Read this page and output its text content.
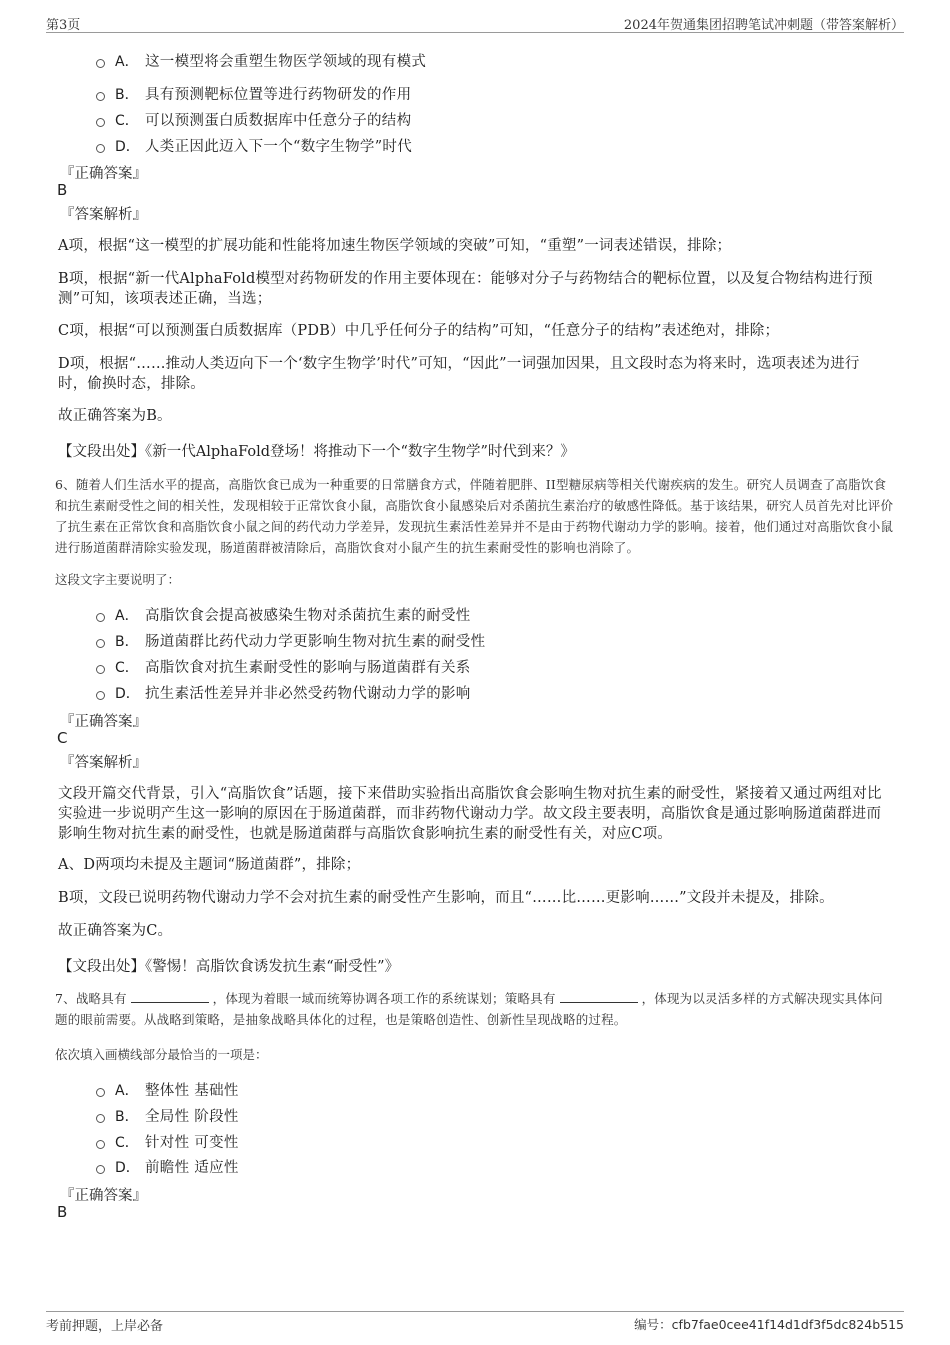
第3页	2024年贺通集团招聘笔试冲刺题（带答案解析）
A． 这一模型将会重塑生物医学领域的现有模式
B． 具有预测靶标位置等进行药物研发的作用
C． 可以预测蛋白质数据库中任意分子的结构
D． 人类正因此迈入下一个“数字生物学”时代
『正确答案』
B
『答案解析』
A项，根据“这一模型的扩展功能和性能将加速生物医学领域的突破”可知，“重塑”一词表述错误，排除；
B项，根据“新一代AlphaFold模型对药物研发的作用主要体现在：能够对分子与药物结合的靶标位置，以及复合物结构进行预测”可知，该项表述正确，当选；
C项，根据“可以预测蛋白质数据库（PDB）中几乎任何分子的结构”可知，“任意分子的结构”表述绝对，排除；
D项，根据“……推动人类迈向下一个‘数字生物学’时代”可知，“因此”一词强加因果，且文段时态为将来时，选项表述为进行时，偷换时态，排除。
故正确答案为B。
【文段出处】《新一代AlphaFold登场！将推动下一个“数字生物学”时代到来？》
6、随着人们生活水平的提高，高脂饮食已成为一种重要的日常膳食方式，伴随着肥胖、II型糖尿病等相关代谢疾病的发生。研究人员调查了高脂饮食和抗生素耐受性之间的相关性，发现相较于正常饮食小鼠，高脂饮食小鼠感染后对杀菌抗生素治疗的敏感性降低。基于该结果，研究人员首先对比评价了抗生素在正常饮食和高脂饮食小鼠之间的药代动力学差异，发现抗生素活性差异并不是由于药物代谢动力学的影响。接着，他们通过对高脂饮食小鼠进行肠道菌群清除实验发现，肠道菌群被清除后，高脂饮食对小鼠产生的抗生素耐受性的影响也消除了。
这段文字主要说明了：
A． 高脂饮食会提高被感染生物对杀菌抗生素的耐受性
B． 肠道菌群比药代动力学更影响生物对抗生素的耐受性
C． 高脂饮食对抗生素耐受性的影响与肠道菌群有关系
D． 抗生素活性差异并非必然受药物代谢动力学的影响
『正确答案』
C
『答案解析』
文段开篇交代背景，引入“高脂饮食”话题，接下来借助实验指出高脂饮食会影响生物对抗生素的耐受性，紧接着又通过两组对比实验进一步说明产生这一影响的原因在于肠道菌群，而非药物代谢动力学。故文段主要表明，高脂饮食是通过影响肠道菌群进而影响生物对抗生素的耐受性，也就是肠道菌群与高脂饮食影响抗生素的耐受性有关，对应C项。
A、D两项均未提及主题词“肠道菌群”，排除；
B项，文段已说明药物代谢动力学不会对抗生素的耐受性产生影响，而且“……比……更影响……”文段并未提及，排除。
故正确答案为C。
【文段出处】《警惕！高脂饮食诱发抗生素“耐受性”》
7、战略具有	，体现为着眼一域而统筹协调各项工作的系统谋划；策略具有	，体现为以灵活多样的方式解决现实具体问题的眼前需要。从战略到策略，是抽象战略具体化的过程，也是策略创造性、创新性呈现战略的过程。
依次填入画横线部分最恰当的一项是：
A． 整体性 基础性
B． 全局性 阶段性
C． 针对性 可变性
D． 前瞻性 适应性
『正确答案』
B
考前押题，上岸必备	编号：cfb7fae0cee41f14d1df3f5dc824b515
